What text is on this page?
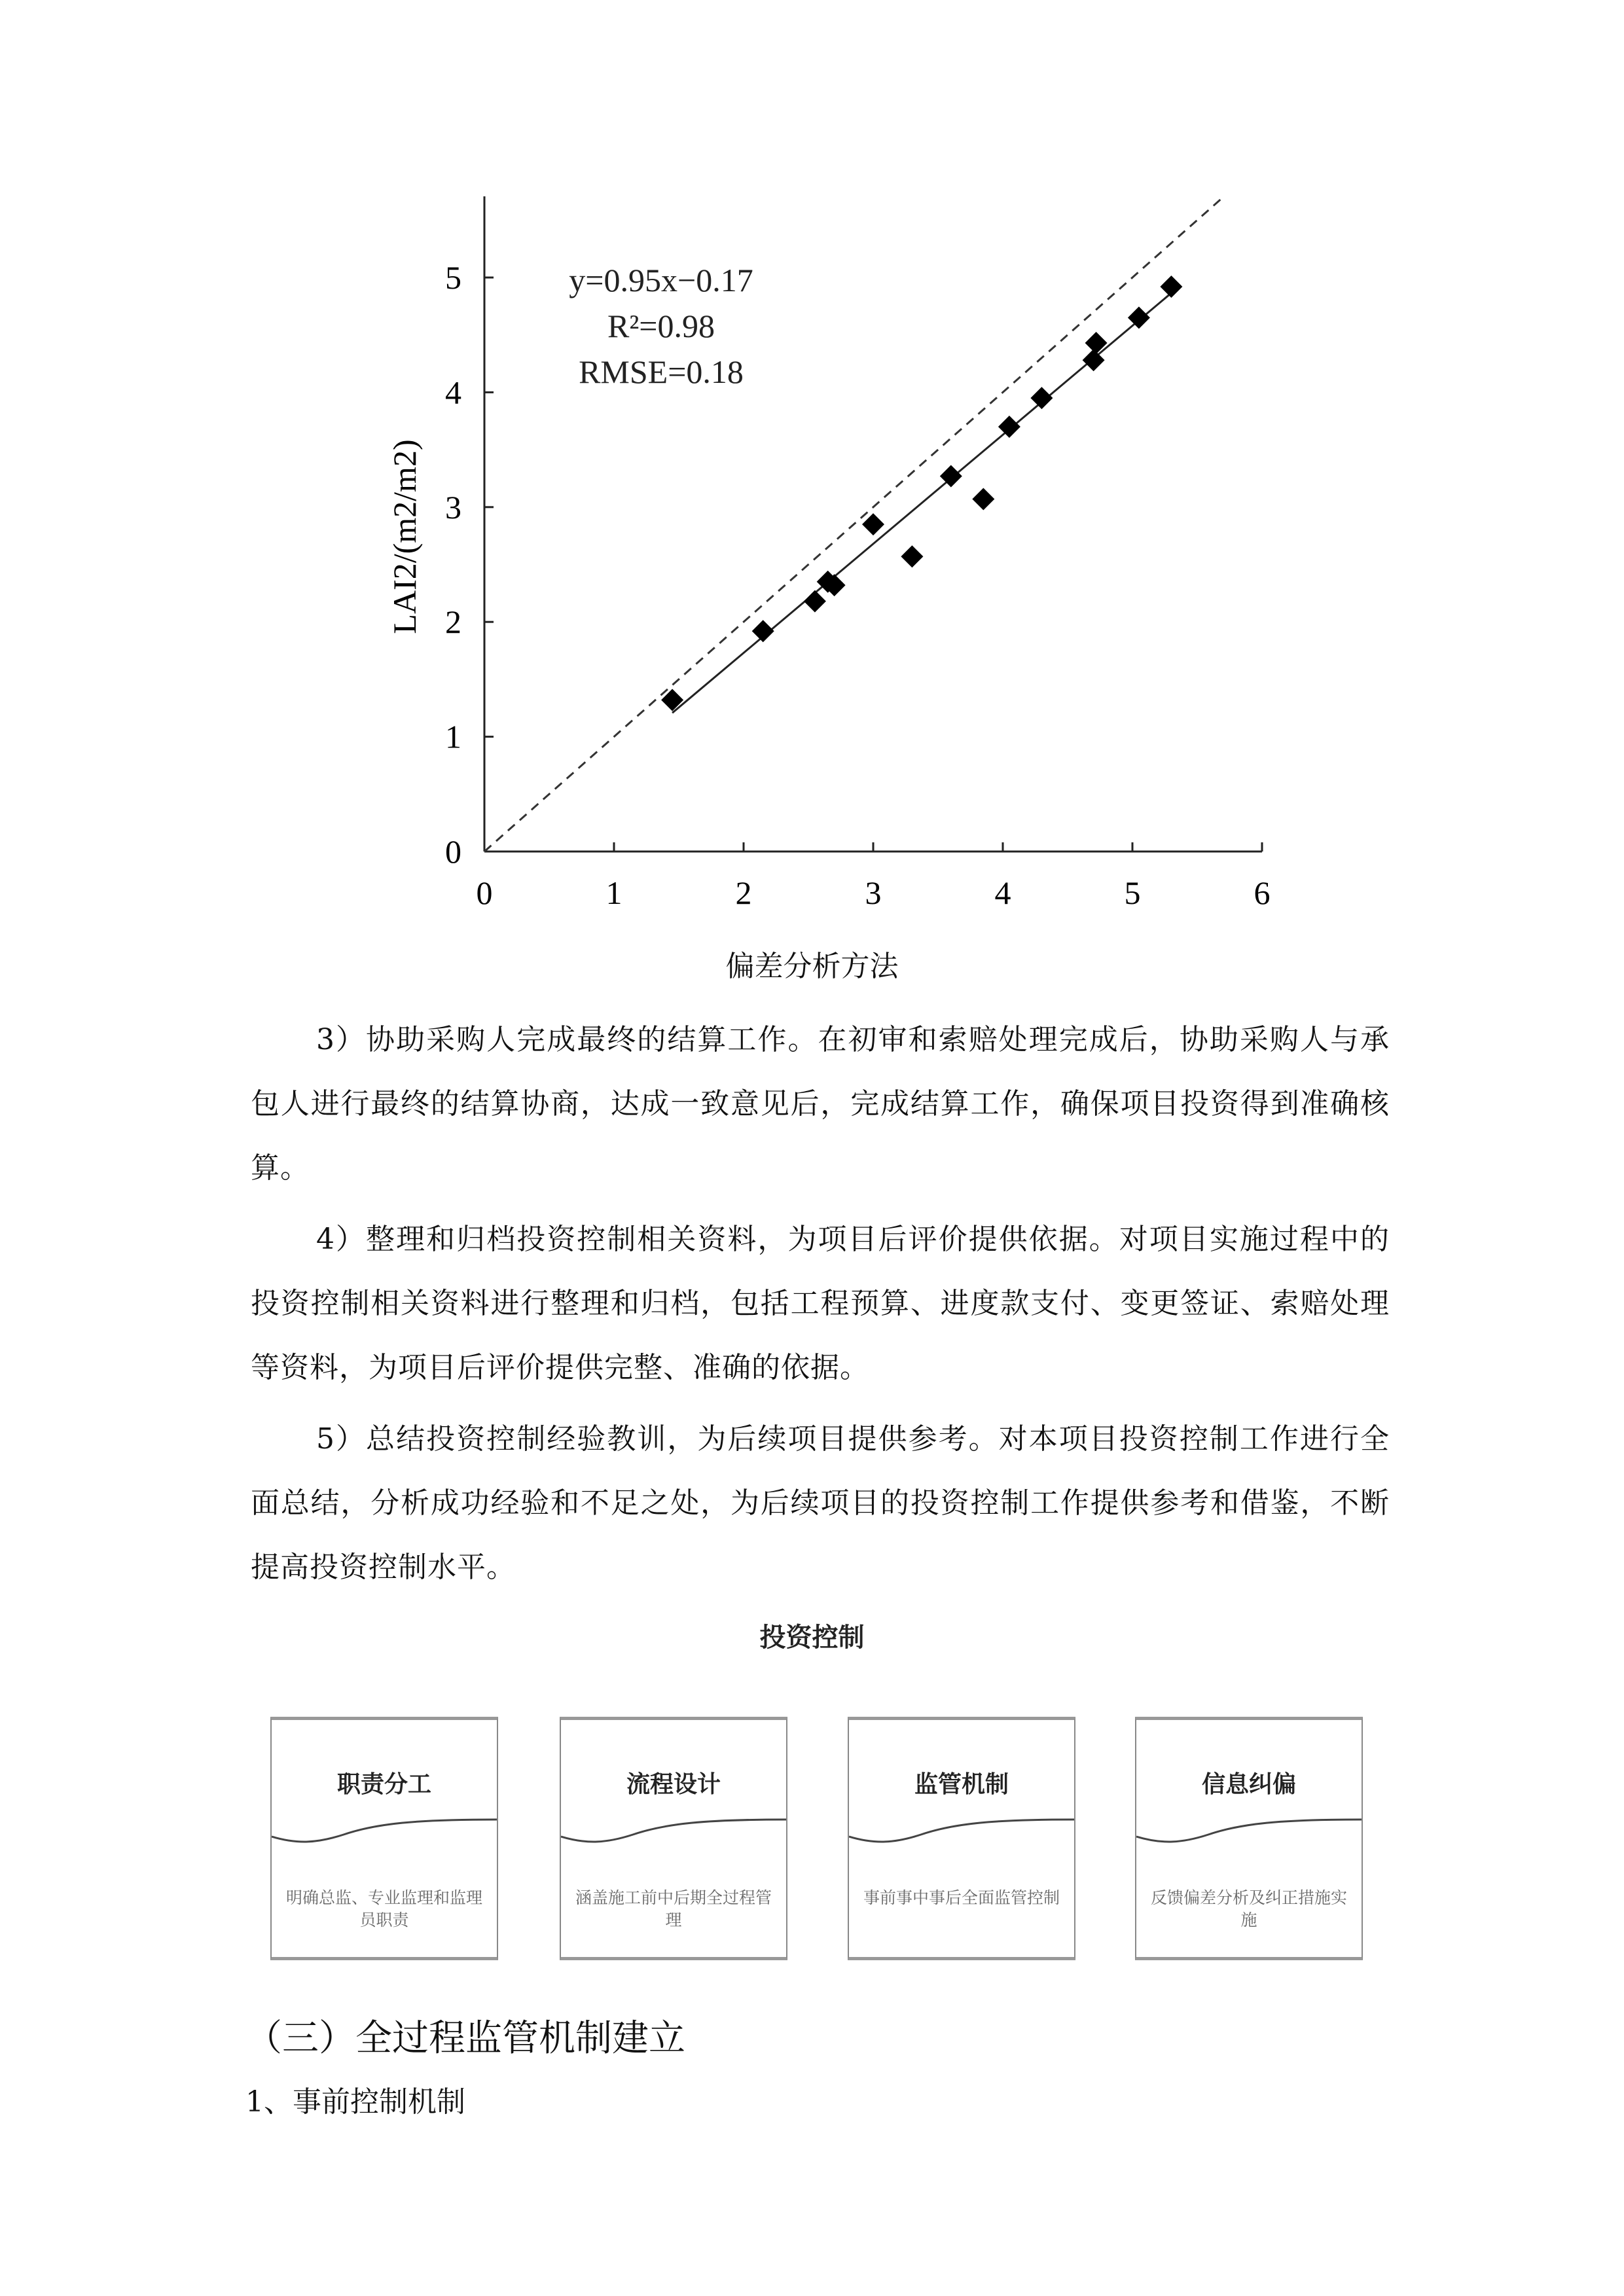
0	1	2	3	4	5	6
0
1
2
3
4
5	y=0.95x−0.17
R²=0.98
RMSE=0.18
LAI2/(m2/m2)
偏差分析方法
3）协助采购人完成最终的结算工作。在初审和索赔处理完成后，协助采购人与承包人进行最终的结算协商，达成一致意见后，完成结算工作，确保项目投资得到准确核算。
4）整理和归档投资控制相关资料，为项目后评价提供依据。对项目实施过程中的投资控制相关资料进行整理和归档，包括工程预算、进度款支付、变更签证、索赔处理等资料，为项目后评价提供完整、准确的依据。
5）总结投资控制经验教训，为后续项目提供参考。对本项目投资控制工作进行全面总结，分析成功经验和不足之处，为后续项目的投资控制工作提供参考和借鉴，不断提高投资控制水平。
投资控制
职责分工
明确总监、专业监理和监理员职责
流程设计
涵盖施工前中后期全过程管理
监管机制
事前事中事后全面监管控制
信息纠偏
反馈偏差分析及纠正措施实施
（三）全过程监管机制建立
1、事前控制机制
